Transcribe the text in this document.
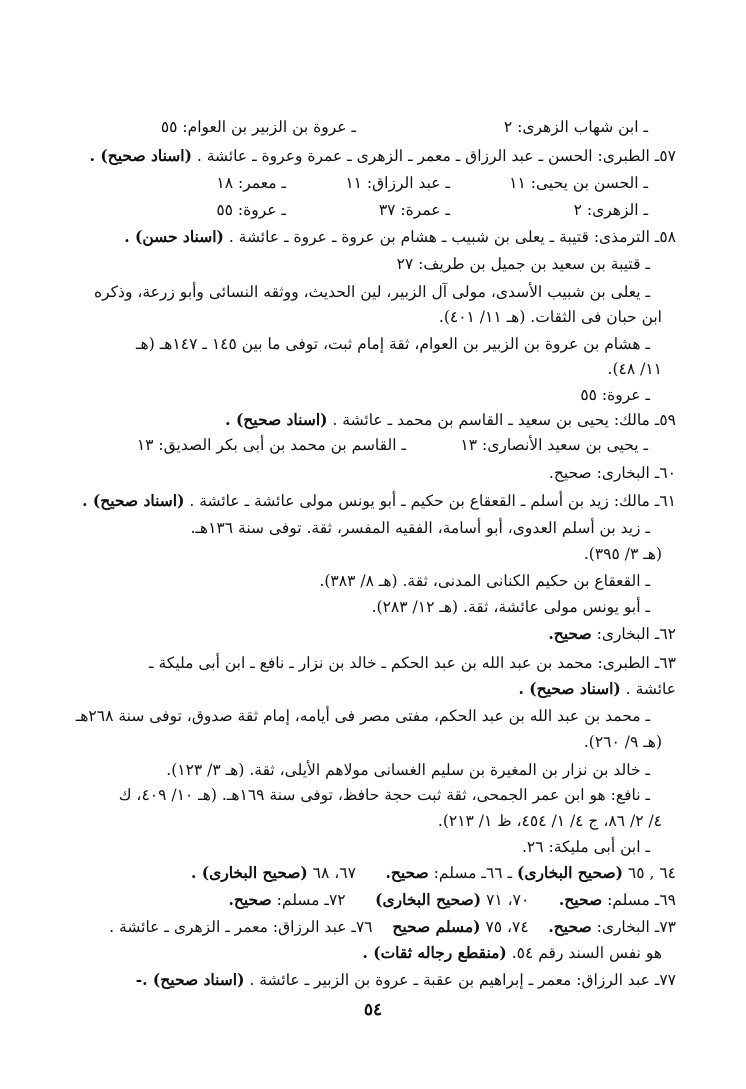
ـ ابن شهاب الزهرى: ٢
ـ عروة بن الزبير بن العوام: ٥٥
٥٧ـ الطبرى: الحسن ـ عبد الرزاق ـ معمر ـ الزهرى ـ عمرة وعروة ـ عائشة . (اسناد صحيح) .
ـ الحسن بن يحيى: ١١
ـ عبد الرزاق: ١١
ـ معمر: ١٨
ـ الزهرى: ٢
ـ عمرة: ٣٧
ـ عروة: ٥٥
٥٨ـ الترمذى: قتيبة ـ يعلى بن شبيب ـ هشام بن عروة ـ عروة ـ عائشة . (اسناد حسن) .
ـ قتيبة بن سعيد بن جميل بن طريف: ٢٧
ـ يعلى بن شبيب الأسدى، مولى آل الزبير، لين الحديث، ووثقه النسائى وأبو زرعة، وذكره
ابن حبان فى الثقات. (هـ ١١/ ٤٠١).
ـ هشام بن عروة بن الزبير بن العوام، ثقة إمام ثبت، توفى ما بين ١٤٥ ـ ١٤٧هـ (هـ
١١/ ٤٨).
ـ عروة: ٥٥
٥٩ـ مالك: يحيى بن سعيد ـ القاسم بن محمد ـ عائشة . (اسناد صحيح) .
ـ يحيى بن سعيد الأنصارى: ١٣
ـ القاسم بن محمد بن أبى بكر الصديق: ١٣
٦٠ـ البخارى: صحيح.
٦١ـ مالك: زيد بن أسلم ـ القعقاع بن حكيم ـ أبو يونس مولى عائشة ـ عائشة . (اسناد صحيح) .
ـ زيد بن أسلم العدوى، أبو أسامة، الفقيه المفسر، ثقة. توفى سنة ١٣٦هـ.
(هـ ٣/ ٣٩٥).
ـ القعقاع بن حكيم الكنانى المدنى، ثقة. (هـ ٨/ ٣٨٣).
ـ أبو يونس مولى عائشة، ثقة. (هـ ١٢/ ٢٨٣).
٦٢ـ البخارى: صحيح.
٦٣ـ الطبرى: محمد بن عبد الله بن عبد الحكم ـ خالد بن نزار ـ نافع ـ ابن أبى مليكة ـ
عائشة . (اسناد صحيح) .
ـ محمد بن عبد الله بن عبد الحكم، مفتى مصر فى أيامه، إمام ثقة صدوق، توفى سنة ٢٦٨هـ
(هـ ٩/ ٢٦٠).
ـ خالد بن نزار بن المغيرة بن سليم الغسانى مولاهم الأيلى، ثقة. (هـ ٣/ ١٢٣).
ـ نافع: هو ابن عمر الجمحى، ثقة ثبت حجة حافظ، توفى سنة ١٦٩هـ. (هـ ١٠/ ٤٠٩، ك
٤/ ٢/ ٨٦، ج ٤/ ١/ ٤٥٤، ظ ١/ ٢١٣).
ـ ابن أبى مليكة: ٢٦.
٦٤ , ٦٥ (صحيح البخارى) ـ ٦٦ـ مسلم: صحيح.      ٦٧، ٦٨ (صحيح البخارى) .
٦٩ـ مسلم: صحيح.      ٧٠، ٧١ (صحيح البخارى)      ٧٢ـ مسلم: صحيح.
٧٣ـ البخارى: صحيح.    ٧٤، ٧٥ (مسلم صحيح    ٧٦ـ عبد الرزاق: معمر ـ الزهرى ـ عائشة .
هو نفس السند رقم ٥٤. (منقطع رجاله ثقات) .
٧٧ـ عبد الرزاق: معمر ـ إبراهيم بن عقبة ـ عروة بن الزبير ـ عائشة . (اسناد صحيح) .-
٥٤
